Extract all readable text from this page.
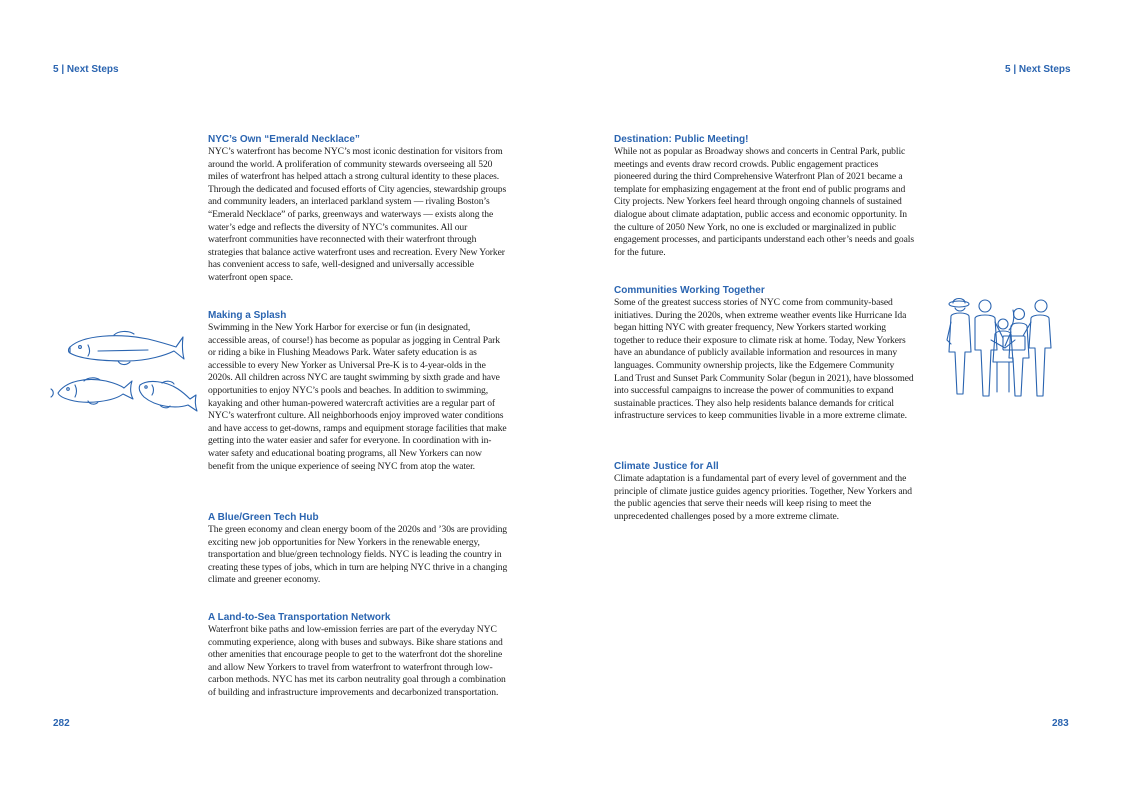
5 | Next Steps	5 | Next Steps

NYC’s Own “Emerald Necklace”

NYC’s waterfront has become NYC’s most iconic destination for visitors from around the world. A proliferation of community stewards overseeing all 520 miles of waterfront has helped attach a strong cultural identity to these places. Through the dedicated and focused efforts of City agencies, stewardship groups and community leaders, an interlaced parkland system — rivaling Boston’s “Emerald Necklace” of parks, greenways and waterways — exists along the water’s edge and reflects the diversity of NYC’s communites. All our waterfront communities have reconnected with their waterfront through strategies that balance active waterfront uses and recreation. Every New Yorker has convenient access to safe, well-designed and universally accessible waterfront open space.

Making a Splash

Swimming in the New York Harbor for exercise or fun (in designated, accessible areas, of course!) has become as popular as jogging in Central Park or riding a bike in Flushing Meadows Park. Water safety education is as accessible to every New Yorker as Universal Pre-K is to 4-year-olds in the 2020s. All children across NYC are taught swimming by sixth grade and have opportunities to enjoy NYC’s pools and beaches. In addition to swimming, kayaking and other human-powered watercraft activities are a regular part of NYC’s waterfront culture. All neighborhoods enjoy improved water conditions and have access to get-downs, ramps and equipment storage facilities that make getting into the water easier and safer for everyone. In coordination with in-water safety and educational boating programs, all New Yorkers can now benefit from the unique experience of seeing NYC from atop the water.

A Blue/Green Tech Hub

The green economy and clean energy boom of the 2020s and ’30s are providing exciting new job opportunities for New Yorkers in the renewable energy, transportation and blue/green technology fields. NYC is leading the country in creating these types of jobs, which in turn are helping NYC thrive in a changing climate and greener economy.

A Land-to-Sea Transportation Network

Waterfront bike paths and low-emission ferries are part of the everyday NYC commuting experience, along with buses and subways. Bike share stations and other amenities that encourage people to get to the waterfront dot the shoreline and allow New Yorkers to travel from waterfront to waterfront through low-carbon methods. NYC has met its carbon neutrality goal through a combination of building and infrastructure improvements and decarbonized transportation.

282

Destination: Public Meeting!

While not as popular as Broadway shows and concerts in Central Park, public meetings and events draw record crowds. Public engagement practices pioneered during the third Comprehensive Waterfront Plan of 2021 became a template for emphasizing engagement at the front end of public programs and City projects. New Yorkers feel heard through ongoing channels of sustained dialogue about climate adaptation, public access and economic opportunity. In the culture of 2050 New York, no one is excluded or marginalized in public engagement processes, and participants understand each other’s needs and goals for the future.

Communities Working Together

Some of the greatest success stories of NYC come from community-based initiatives. During the 2020s, when extreme weather events like Hurricane Ida began hitting NYC with greater frequency, New Yorkers started working together to reduce their exposure to climate risk at home. Today, New Yorkers have an abundance of publicly available information and resources in many languages. Community ownership projects, like the Edgemere Community Land Trust and Sunset Park Community Solar (begun in 2021), have blossomed into successful campaigns to increase the power of communities to expand sustainable practices. They also help residents balance demands for critical infrastructure services to keep communities livable in a more extreme climate.

Climate Justice for All

Climate adaptation is a fundamental part of every level of government and the principle of climate justice guides agency priorities. Together, New Yorkers and the public agencies that serve their needs will keep rising to meet the unprecedented challenges posed by a more extreme climate.

283
